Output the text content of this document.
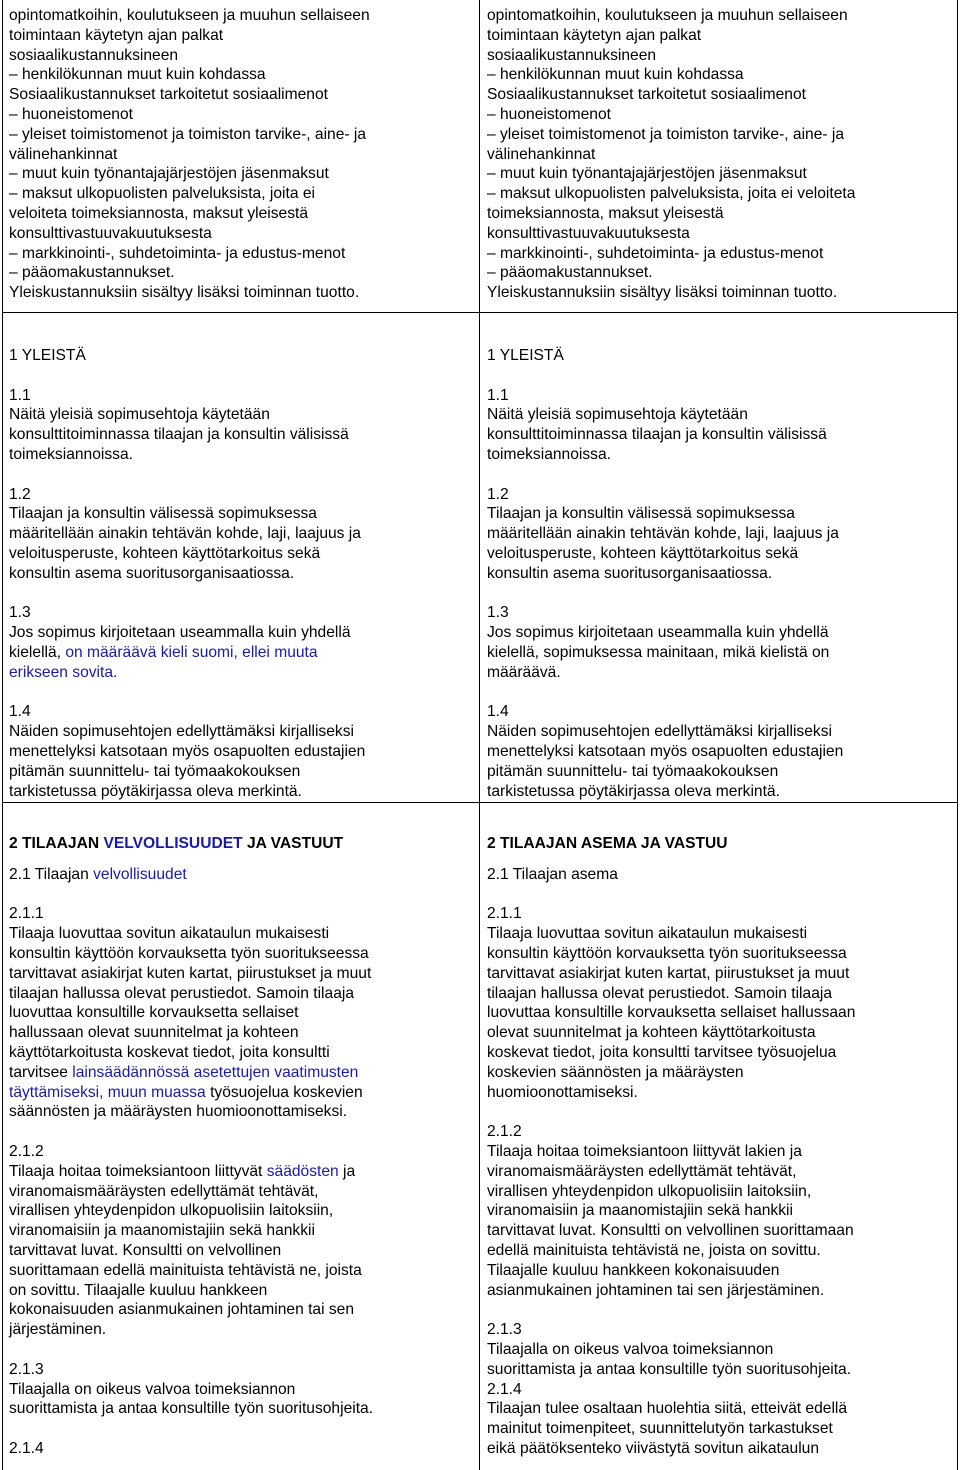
opintomatkoihin, koulutukseen ja muuhun sellaiseen
toimintaan käytetyn ajan palkat
sosiaalikustannuksineen
– henkilökunnan muut kuin kohdassa
Sosiaalikustannukset tarkoitetut sosiaalimenot
– huoneistomenot
– yleiset toimistomenot ja toimiston tarvike-, aine- ja
välinehankinnat
– muut kuin työnantajajärjestöjen jäsenmaksut
– maksut ulkopuolisten palveluksista, joita ei
veloiteta toimeksiannosta, maksut yleisestä
konsulttivastuuvakuutuksesta
– markkinointi-, suhdetoiminta- ja edustus-menot
– pääomakustannukset.
Yleiskustannuksiin sisältyy lisäksi toiminnan tuotto.
opintomatkoihin, koulutukseen ja muuhun sellaiseen
toimintaan käytetyn ajan palkat
sosiaalikustannuksineen
– henkilökunnan muut kuin kohdassa
Sosiaalikustannukset tarkoitetut sosiaalimenot
– huoneistomenot
– yleiset toimistomenot ja toimiston tarvike-, aine- ja
välinehankinnat
– muut kuin työnantajajärjestöjen jäsenmaksut
– maksut ulkopuolisten palveluksista, joita ei veloiteta
toimeksiannosta, maksut yleisestä
konsulttivastuuvakuutuksesta
– markkinointi-, suhdetoiminta- ja edustus-menot
– pääomakustannukset.
Yleiskustannuksiin sisältyy lisäksi toiminnan tuotto.
1 YLEISTÄ
1.1
Näitä yleisiä sopimusehtoja käytetään
konsulttitoiminnassa tilaajan ja konsultin välisissä
toimeksiannoissa.
1.2
Tilaajan ja konsultin välisessä sopimuksessa
määritellään ainakin tehtävän kohde, laji, laajuus ja
veloitusperuste, kohteen käyttötarkoitus sekä
konsultin asema suoritusorganisaatiossa.
1.3
Jos sopimus kirjoitetaan useammalla kuin yhdellä
kielellä, on määräävä kieli suomi, ellei muuta
erikseen sovita.
1.4
Näiden sopimusehtojen edellyttämäksi kirjalliseksi
menettelyksi katsotaan myös osapuolten edustajien
pitämän suunnittelu- tai työmaakokouksen
tarkistetussa pöytäkirjassa oleva merkintä.
1 YLEISTÄ
1.1
Näitä yleisiä sopimusehtoja käytetään
konsulttitoiminnassa tilaajan ja konsultin välisissä
toimeksiannoissa.
1.2
Tilaajan ja konsultin välisessä sopimuksessa
määritellään ainakin tehtävän kohde, laji, laajuus ja
veloitusperuste, kohteen käyttötarkoitus sekä
konsultin asema suoritusorganisaatiossa.
1.3
Jos sopimus kirjoitetaan useammalla kuin yhdellä
kielellä, sopimuksessa mainitaan, mikä kielistä on
määräävä.
1.4
Näiden sopimusehtojen edellyttämäksi kirjalliseksi
menettelyksi katsotaan myös osapuolten edustajien
pitämän suunnittelu- tai työmaakokouksen
tarkistetussa pöytäkirjassa oleva merkintä.
2 TILAAJAN VELVOLLISUUDET JA VASTUUT
2.1 Tilaajan velvollisuudet
2.1.1
Tilaaja luovuttaa sovitun aikataulun mukaisesti
konsultin käyttöön korvauksetta työn suoritukseessa
tarvittavat asiakirjat kuten kartat, piirustukset ja muut
tilaajan hallussa olevat perustiedot. Samoin tilaaja
luovuttaa konsultille korvauksetta sellaiset
hallussaan olevat suunnitelmat ja kohteen
käyttötarkoitusta koskevat tiedot, joita konsultti
tarvitsee lainsäädännössä asetettujen vaatimusten
täyttämiseksi, muun muassa työsuojelua koskevien
säännösten ja määräysten huomioonottamiseksi.
2.1.2
Tilaaja hoitaa toimeksiantoon liittyvät säädösten ja
viranomaismääräysten edellyttämät tehtävät,
virallisen yhteydenpidon ulkopuolisiin laitoksiin,
viranomaisiin ja maanomistajiin sekä hankkii
tarvittavat luvat. Konsultti on velvollinen
suorittamaan edellä mainituista tehtävistä ne, joista
on sovittu. Tilaajalle kuuluu hankkeen
kokonaisuuden asianmukainen johtaminen tai sen
järjestäminen.
2.1.3
Tilaajalla on oikeus valvoa toimeksiannon
suorittamista ja antaa konsultille työn suoritusohjeita.
2.1.4
2 TILAAJAN ASEMA JA VASTUU
2.1 Tilaajan asema
2.1.1
Tilaaja luovuttaa sovitun aikataulun mukaisesti
konsultin käyttöön korvauksetta työn suoritukseessa
tarvittavat asiakirjat kuten kartat, piirustukset ja muut
tilaajan hallussa olevat perustiedot. Samoin tilaaja
luovuttaa konsultille korvauksetta sellaiset hallussaan
olevat suunnitelmat ja kohteen käyttötarkoitusta
koskevat tiedot, joita konsultti tarvitsee työsuojelua
koskevien säännösten ja määräysten
huomioonottamiseksi.
2.1.2
Tilaaja hoitaa toimeksiantoon liittyvät lakien ja
viranomaismääräysten edellyttämät tehtävät,
virallisen yhteydenpidon ulkopuolisiin laitoksiin,
viranomaisiin ja maanomistajiin sekä hankkii
tarvittavat luvat. Konsultti on velvollinen suorittamaan
edellä mainituista tehtävistä ne, joista on sovittu.
Tilaajalle kuuluu hankkeen kokonaisuuden
asianmukainen johtaminen tai sen järjestäminen.
2.1.3
Tilaajalla on oikeus valvoa toimeksiannon
suorittamista ja antaa konsultille työn suoritusohjeita.
2.1.4
Tilaajan tulee osaltaan huolehtia siitä, etteivät edellä
mainitut toimenpiteet, suunnittelutyön tarkastukset
eikä päätöksenteko viivästytä sovitun aikataulun
